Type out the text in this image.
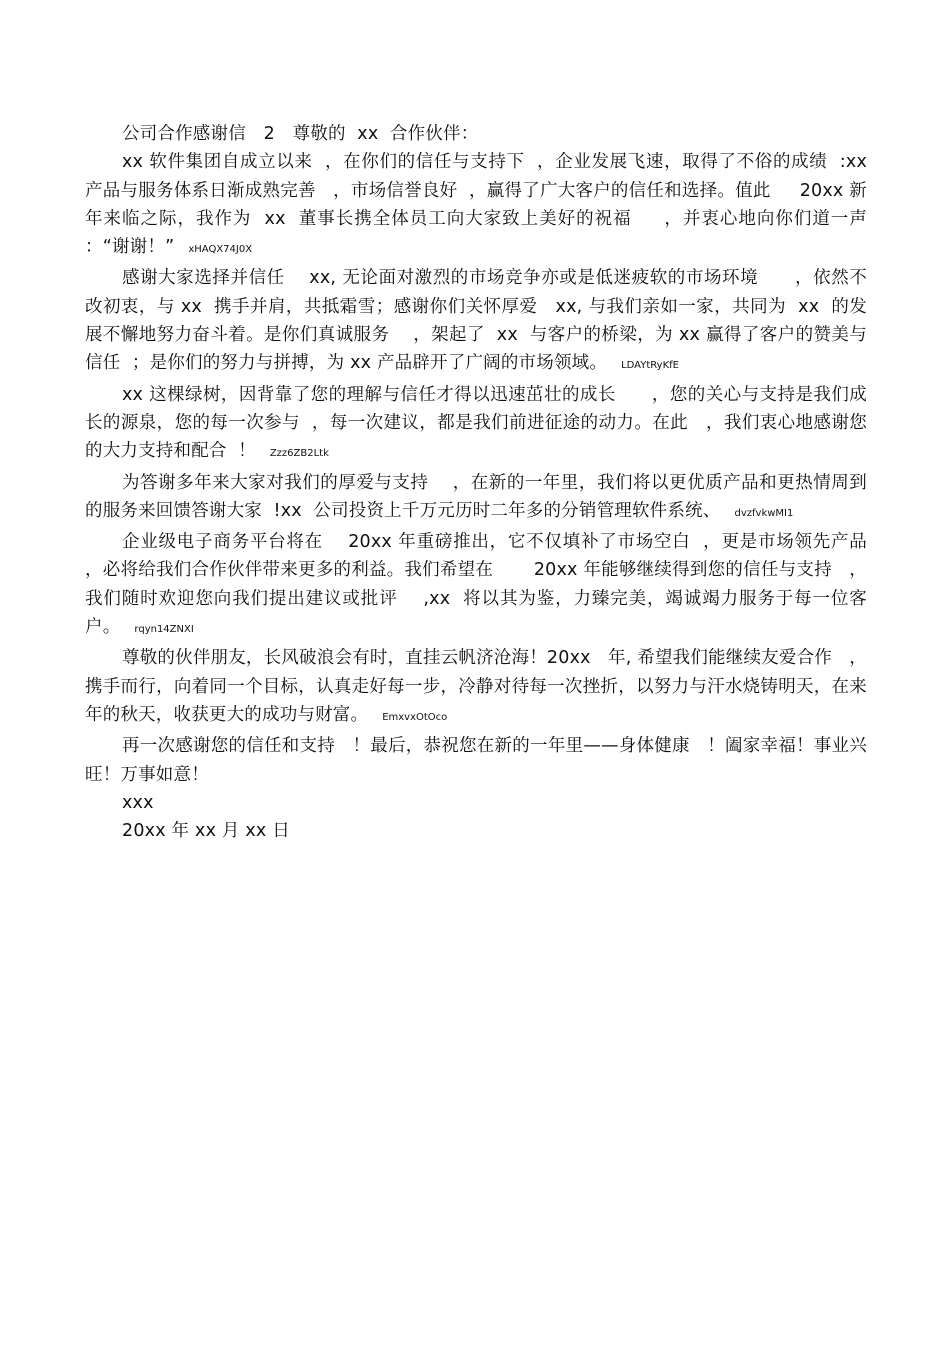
公司合作感谢信　2　尊敬的  xx  合作伙伴：

xx 软件集团自成立以来  ，在你们的信任与支持下  ，企业发展飞速，取得了不俗的成绩  :xx  产品与服务体系日渐成熟完善   ，市场信誉良好  ，赢得了广大客户的信任和选择。值此     20xx 新年来临之际，我作为  xx  董事长携全体员工向大家致上美好的祝福     ，并衷心地向你们道一声  ：“谢谢！” xHAQX74J0X

感谢大家选择并信任    xx, 无论面对激烈的市场竞争亦或是低迷疲软的市场环境      ，依然不改初衷，与 xx  携手并肩，共抵霜雪；感谢你们关怀厚爱   xx, 与我们亲如一家，共同为  xx  的发展不懈地努力奋斗着。是你们真诚服务    ，架起了  xx  与客户的桥梁，为 xx 赢得了客户的赞美与信任  ；是你们的努力与拼搏，为 xx 产品辟开了广阔的市场领域。 LDAYtRyKfE

xx 这棵绿树，因背靠了您的理解与信任才得以迅速茁壮的成长      ，您的关心与支持是我们成长的源泉，您的每一次参与  ，每一次建议，都是我们前进征途的动力。在此   ，我们衷心地感谢您的大力支持和配合  ！ Zzz6ZB2Ltk

为答谢多年来大家对我们的厚爱与支持    ，在新的一年里，我们将以更优质产品和更热情周到的服务来回馈答谢大家  !xx  公司投资上千万元历时二年多的分销管理软件系统、 dvzfvkwMI1

企业级电子商务平台将在    20xx 年重磅推出，它不仅填补了市场空白  ，更是市场领先产品  ，必将给我们合作伙伴带来更多的利益。我们希望在       20xx 年能够继续得到您的信任与支持   ，我们随时欢迎您向我们提出建议或批评    ,xx  将以其为鉴，力臻完美，竭诚竭力服务于每一位客户。 rqyn14ZNXI

尊敬的伙伴朋友，长风破浪会有时，直挂云帆济沧海！20xx   年, 希望我们能继续友爱合作   ，携手而行，向着同一个目标，认真走好每一步，冷静对待每一次挫折，以努力与汗水烧铸明天，在来年的秋天，收获更大的成功与财富。 EmxvxOtOco

再一次感谢您的信任和支持   ！最后，恭祝您在新的一年里——身体健康   ！阖家幸福！事业兴旺！万事如意！

xxx

20xx 年 xx 月 xx 日
